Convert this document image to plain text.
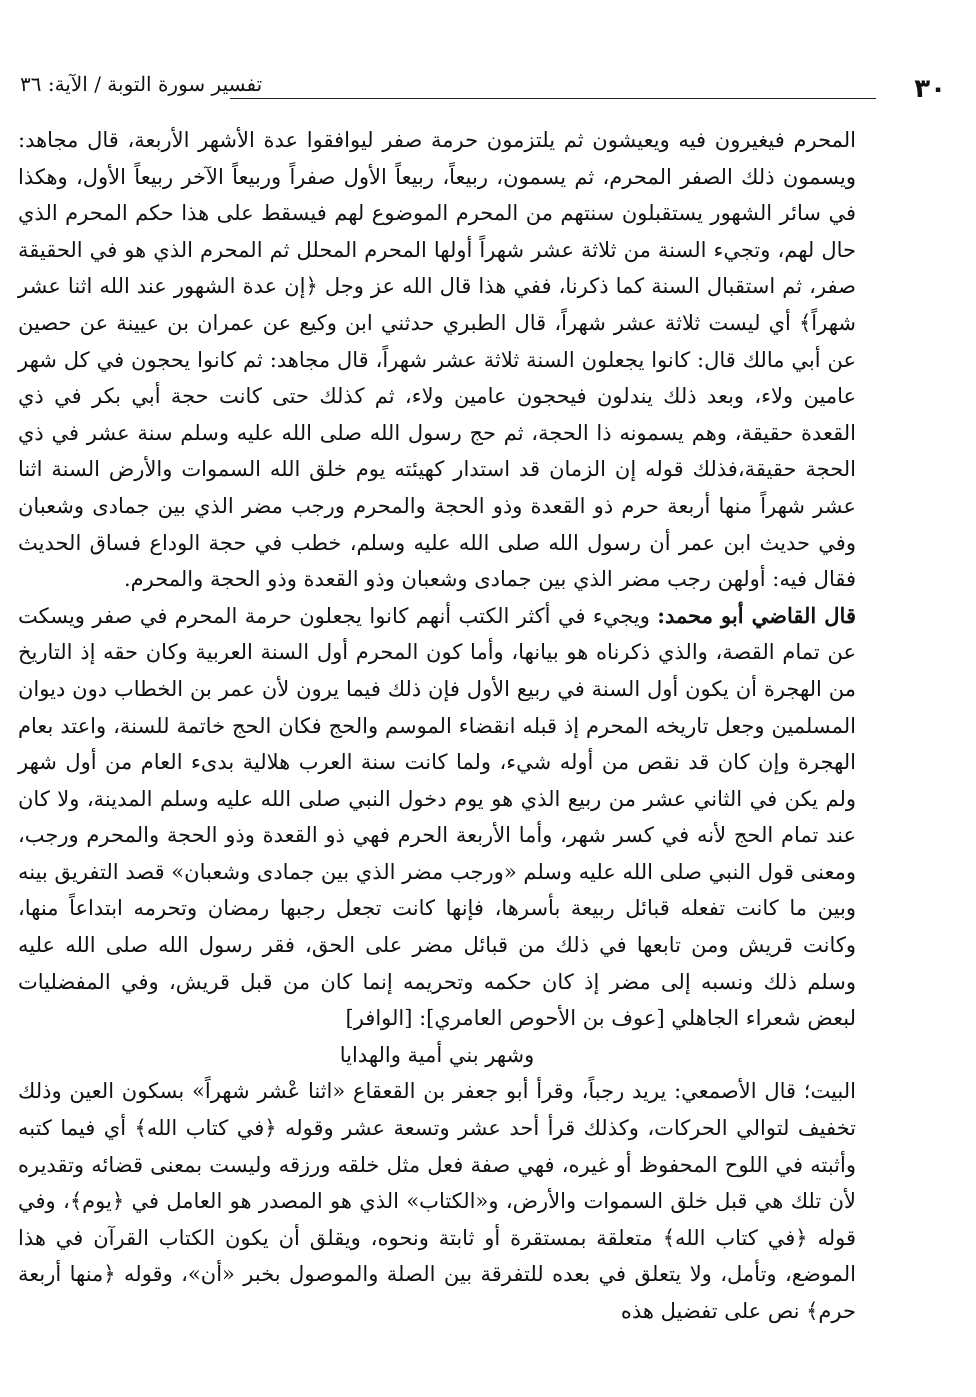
٣٠
تفسير سورة التوبة / الآية: ٣٦

المحرم فيغيرون فيه ويعيشون ثم يلتزمون حرمة صفر ليوافقوا عدة الأشهر الأربعة، قال مجاهد: ويسمون ذلك الصفر المحرم، ثم يسمون، ربيعاً، ربيعاً الأول صفراً وربيعاً الآخر ربيعاً الأول، وهكذا في سائر الشهور يستقبلون سنتهم من المحرم الموضوع لهم فيسقط على هذا حكم المحرم الذي حال لهم، وتجيء السنة من ثلاثة عشر شهراً أولها المحرم المحلل ثم المحرم الذي هو في الحقيقة صفر، ثم استقبال السنة كما ذكرنا، ففي هذا قال الله عز وجل ﴿إن عدة الشهور عند الله اثنا عشر شهراً﴾ أي ليست ثلاثة عشر شهراً، قال الطبري حدثني ابن وكيع عن عمران بن عيينة عن حصين عن أبي مالك قال: كانوا يجعلون السنة ثلاثة عشر شهراً، قال مجاهد: ثم كانوا يحجون في كل شهر عامين ولاء، وبعد ذلك يندلون فيحجون عامين ولاء، ثم كذلك حتى كانت حجة أبي بكر في ذي القعدة حقيقة، وهم يسمونه ذا الحجة، ثم حج رسول الله صلى الله عليه وسلم سنة عشر في ذي الحجة حقيقة،فذلك قوله إن الزمان قد استدار كهيئته يوم خلق الله السموات والأرض السنة اثنا عشر شهراً منها أربعة حرم ذو القعدة وذو الحجة والمحرم ورجب مضر الذي بين جمادى وشعبان وفي حديث ابن عمر أن رسول الله صلى الله عليه وسلم، خطب في حجة الوداع فساق الحديث فقال فيه: أولهن رجب مضر الذي بين جمادى وشعبان وذو القعدة وذو الحجة والمحرم.

قال القاضي أبو محمد: ويجيء في أكثر الكتب أنهم كانوا يجعلون حرمة المحرم في صفر ويسكت عن تمام القصة، والذي ذكرناه هو بيانها، وأما كون المحرم أول السنة العربية وكان حقه إذ التاريخ من الهجرة أن يكون أول السنة في ربيع الأول فإن ذلك فيما يرون لأن عمر بن الخطاب دون ديوان المسلمين وجعل تاريخه المحرم إذ قبله انقضاء الموسم والحج فكان الحج خاتمة للسنة، واعتد بعام الهجرة وإن كان قد نقص من أوله شيء، ولما كانت سنة العرب هلالية بدىء العام من أول شهر ولم يكن في الثاني عشر من ربيع الذي هو يوم دخول النبي صلى الله عليه وسلم المدينة، ولا كان عند تمام الحج لأنه في كسر شهر، وأما الأربعة الحرم فهي ذو القعدة وذو الحجة والمحرم ورجب، ومعنى قول النبي صلى الله عليه وسلم «ورجب مضر الذي بين جمادى وشعبان» قصد التفريق بينه وبين ما كانت تفعله قبائل ربيعة بأسرها، فإنها كانت تجعل رجبها رمضان وتحرمه ابتداعاً منها، وكانت قريش ومن تابعها في ذلك من قبائل مضر على الحق، فقر رسول الله صلى الله عليه وسلم ذلك ونسبه إلى مضر إذ كان حكمه وتحريمه إنما كان من قبل قريش، وفي المفضليات لبعض شعراء الجاهلي [عوف بن الأحوص العامري]: [الوافر]

وشهر بني أمية والهدايا

البيت؛ قال الأصمعي: يريد رجباً، وقرأ أبو جعفر بن القعقاع «اثنا عْشر شهراً» بسكون العين وذلك تخفيف لتوالي الحركات، وكذلك قرأ أحد عشر وتسعة عشر وقوله ﴿في كتاب الله﴾ أي فيما كتبه وأثبته في اللوح المحفوظ أو غيره، فهي صفة فعل مثل خلقه ورزقه وليست بمعنى قضائه وتقديره لأن تلك هي قبل خلق السموات والأرض، و«الكتاب» الذي هو المصدر هو العامل في ﴿يوم﴾، وفي قوله ﴿في كتاب الله﴾ متعلقة بمستقرة أو ثابتة ونحوه، ويقلق أن يكون الكتاب القرآن في هذا الموضع، وتأمل، ولا يتعلق في بعده للتفرقة بين الصلة والموصول بخبر «أن»، وقوله ﴿منها أربعة حرم﴾ نص على تفضيل هذه
